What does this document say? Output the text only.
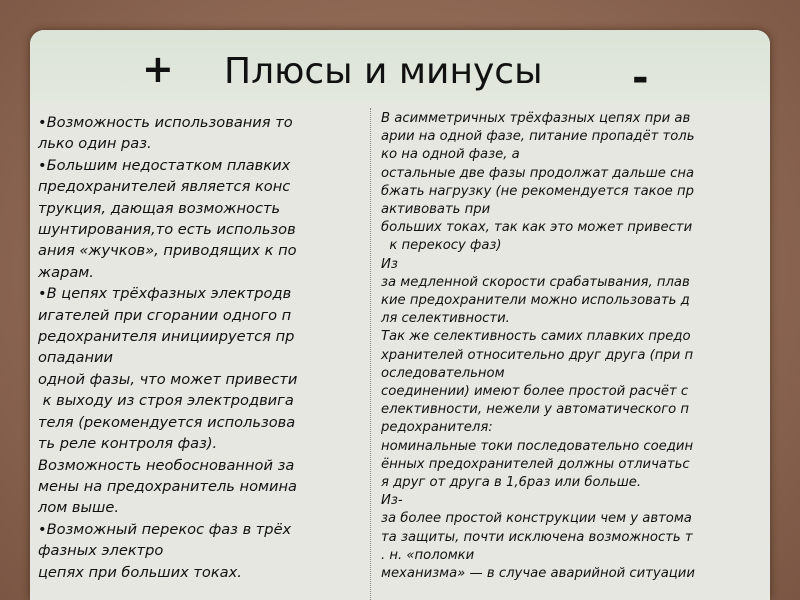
+ Плюсы и минусы -
•Возможность использования то
лько один раз.
•Большим недостатком плавких
предохранителей является конс
трукция, дающая возможность
шунтирования,то есть использов
ания «жучков», приводящих к по
жарам.
•В цепях трёхфазных электродв
игателей при сгорании одного п
редохранителя инициируется пр
опадании
одной фазы, что может привести
к выходу из строя электродвига
теля (рекомендуется использова
ть реле контроля фаз).
Возможность необоснованной за
мены на предохранитель номина
лом выше.
•Возможный перекос фаз в трёх
фазных электро
цепях при больших токах.
В асимметричных трёхфазных цепях при ав
арии на одной фазе, питание пропадёт толь
ко на одной фазе, а
остальные две фазы продолжат дальше сна
бжать нагрузку (не рекомендуется такое пр
активовать при
больших токах, так как это может привести
к перекосу фаз)
Из
за медленной скорости срабатывания, плав
кие предохранители можно использовать д
ля селективности.
Так же селективность самих плавких предо
хранителей относительно друг друга (при п
оследовательном
соединении) имеют более простой расчёт с
елективности, нежели у автоматического п
редохранителя:
номинальные токи последовательно соедин
ённых предохранителей должны отличатьс
я друг от друга в 1,6раз или больше.
Из-
за более простой конструкции чем у автома
та защиты, почти исключена возможность т
. н. «поломки
механизма» — в случае аварийной ситуации
